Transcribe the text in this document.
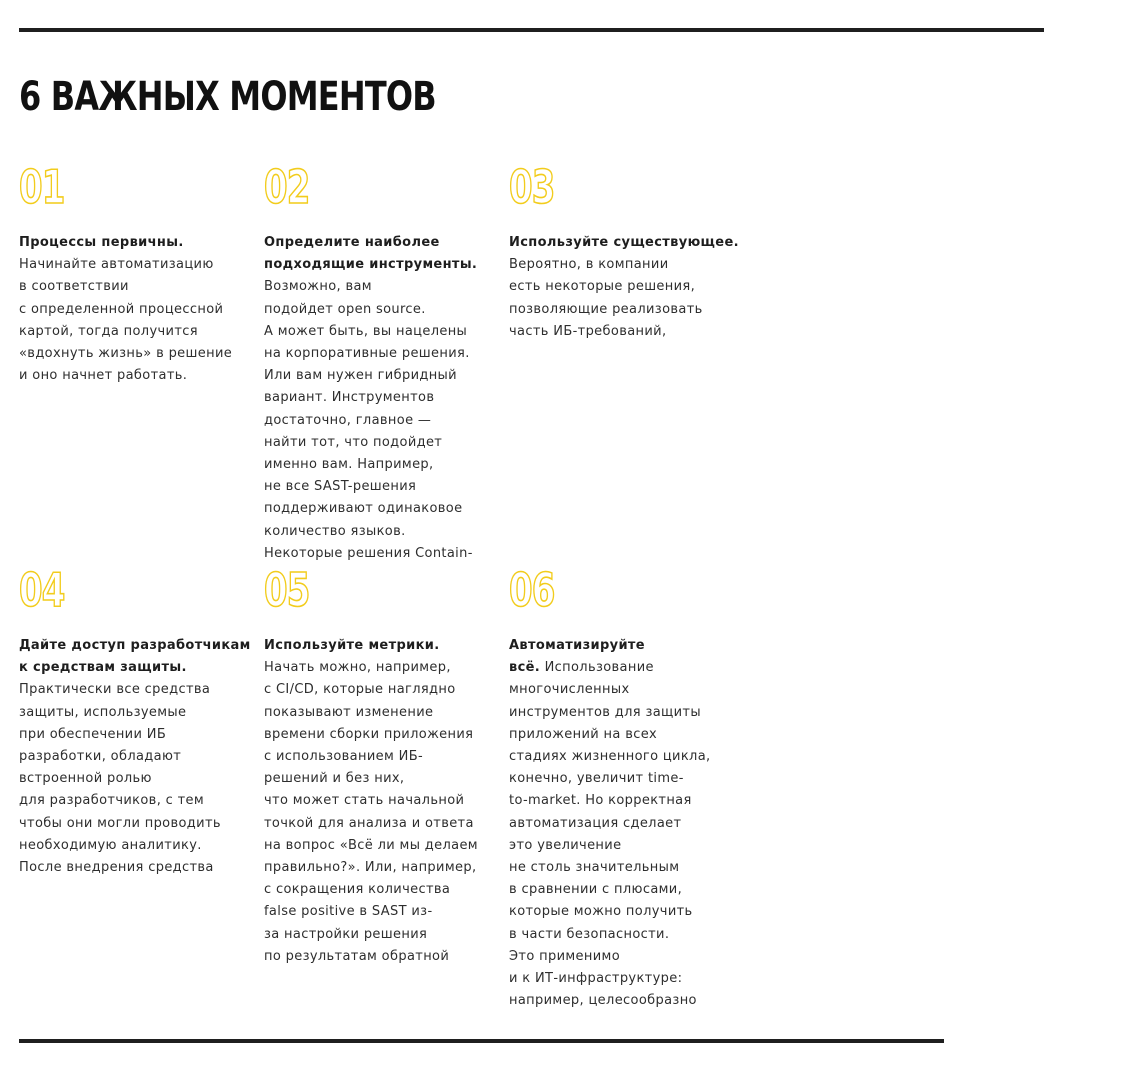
6 ВАЖНЫХ МОМЕНТОВ
01
Процессы первичны.
Начинайте автоматизацию
в соответствии
с определенной процессной
картой, тогда получится
«вдохнуть жизнь» в решение
и оно начнет работать.
02
Определите наиболее
подходящие инструменты.
Возможно, вам
подойдет open source.
А может быть, вы нацелены
на корпоративные решения.
Или вам нужен гибридный
вариант. Инструментов
достаточно, главное —
найти тот, что подойдет
именно вам. Например,
не все SAST-решения
поддерживают одинаковое
количество языков.
Некоторые решения Contain-
03
Используйте существующее.
Вероятно, в компании
есть некоторые решения,
позволяющие реализовать
часть ИБ-требований,
04
Дайте доступ разработчикам
к средствам защиты.
Практически все средства
защиты, используемые
при обеспечении ИБ
разработки, обладают
встроенной ролью
для разработчиков, с тем
чтобы они могли проводить
необходимую аналитику.
После внедрения средства
05
Используйте метрики.
Начать можно, например,
с CI/CD, которые наглядно
показывают изменение
времени сборки приложения
с использованием ИБ-
решений и без них,
что может стать начальной
точкой для анализа и ответа
на вопрос «Всё ли мы делаем
правильно?». Или, например,
с сокращения количества
false positive в SAST из-
за настройки решения
по результатам обратной
06
Автоматизируйте
всё. Использование
многочисленных
инструментов для защиты
приложений на всех
стадиях жизненного цикла,
конечно, увеличит time-
to-market. Но корректная
автоматизация сделает
это увеличение
не столь значительным
в сравнении с плюсами,
которые можно получить
в части безопасности.
Это применимо
и к ИТ-инфраструктуре:
например, целесообразно
